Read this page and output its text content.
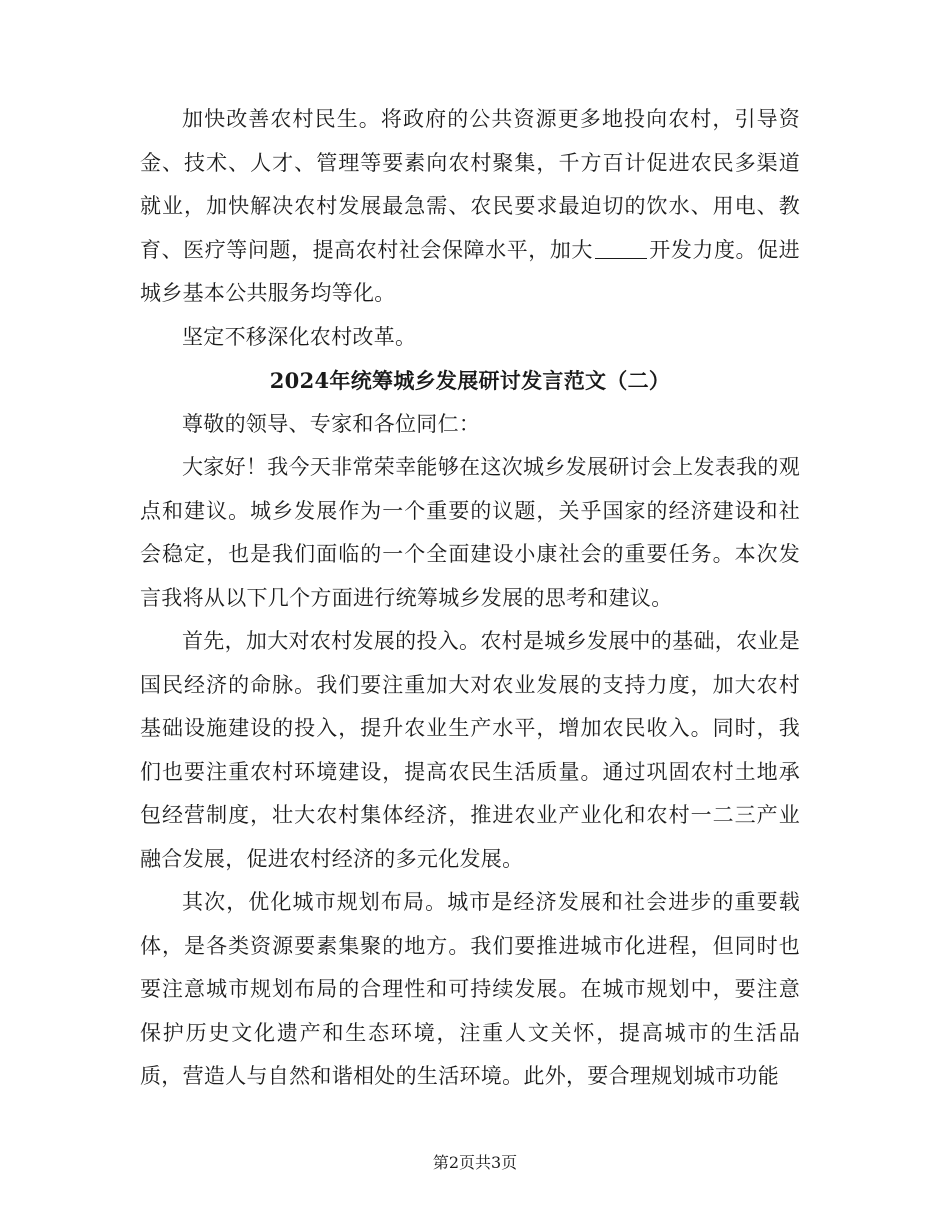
加快改善农村民生。将政府的公共资源更多地投向农村，引导资金、技术、人才、管理等要素向农村聚集，千方百计促进农民多渠道就业，加快解决农村发展最急需、农民要求最迫切的饮水、用电、教育、医疗等问题，提高农村社会保障水平，加大	开发力度。促进城乡基本公共服务均等化。

坚定不移深化农村改革。

2024年统筹城乡发展研讨发言范文（二）

尊敬的领导、专家和各位同仁：

大家好！我今天非常荣幸能够在这次城乡发展研讨会上发表我的观点和建议。城乡发展作为一个重要的议题，关乎国家的经济建设和社会稳定，也是我们面临的一个全面建设小康社会的重要任务。本次发言我将从以下几个方面进行统筹城乡发展的思考和建议。

首先，加大对农村发展的投入。农村是城乡发展中的基础，农业是国民经济的命脉。我们要注重加大对农业发展的支持力度，加大农村基础设施建设的投入，提升农业生产水平，增加农民收入。同时，我们也要注重农村环境建设，提高农民生活质量。通过巩固农村土地承包经营制度，壮大农村集体经济，推进农业产业化和农村一二三产业融合发展，促进农村经济的多元化发展。

其次，优化城市规划布局。城市是经济发展和社会进步的重要载体，是各类资源要素集聚的地方。我们要推进城市化进程，但同时也要注意城市规划布局的合理性和可持续发展。在城市规划中，要注意保护历史文化遗产和生态环境，注重人文关怀，提高城市的生活品质，营造人与自然和谐相处的生活环境。此外，要合理规划城市功能

第2页共3页
